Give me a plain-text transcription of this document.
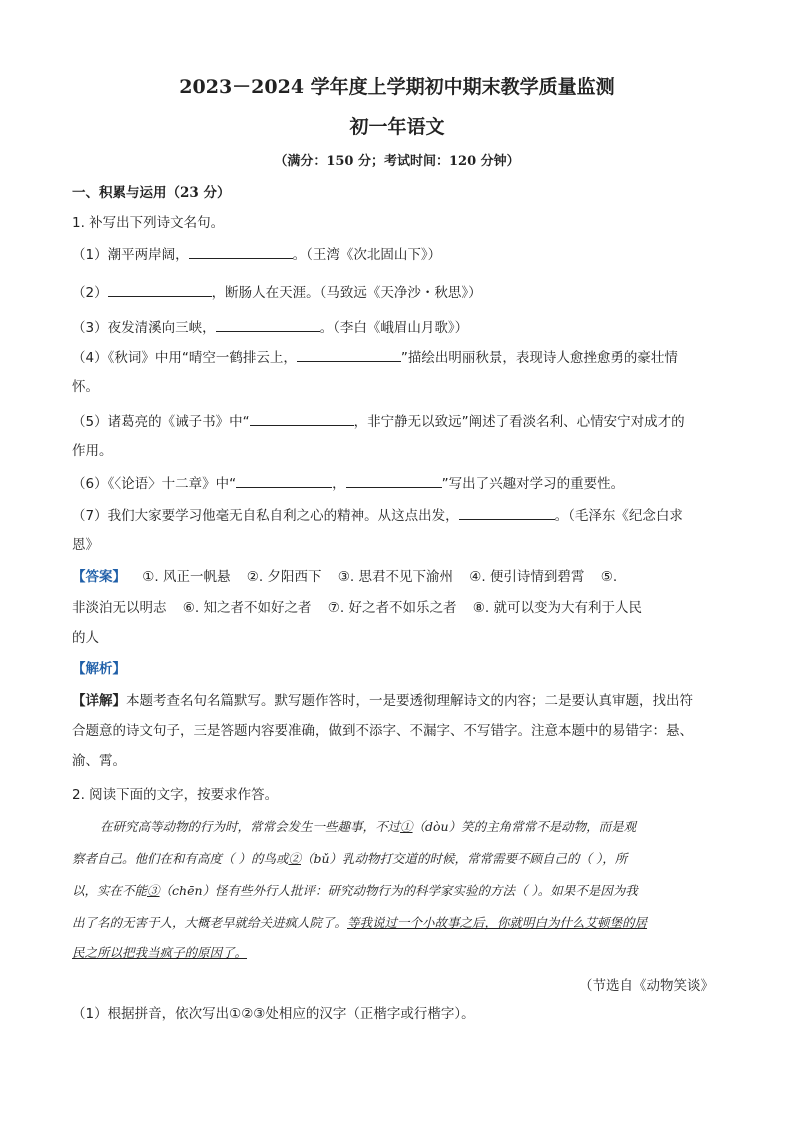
2023－2024 学年度上学期初中期末教学质量监测
初一年语文
（满分：150 分；考试时间：120 分钟）
一、积累与运用（23 分）
1. 补写出下列诗文名句。
（1）潮平两岸阔，	。（王湾《次北固山下》）
（2）	，断肠人在天涯。（马致远《天净沙・秋思》）
（3）夜发清溪向三峡，	。（李白《峨眉山月歌》）
（4）《秋词》中用“晴空一鹤排云上，	”描绘出明丽秋景，表现诗人愈挫愈勇的豪壮情
怀。
（5）诸葛亮的《诫子书》中“	，非宁静无以致远”阐述了看淡名利、心情安宁对成才的
作用。
（6）《〈论语〉十二章》中“	，	”写出了兴趣对学习的重要性。
（7）我们大家要学习他毫无自私自利之心的精神。从这点出发，	。（毛泽东《纪念白求
恩》
【答案】 ①. 风正一帆悬 ②. 夕阳西下 ③. 思君不见下渝州 ④. 便引诗情到碧霄 ⑤.
非淡泊无以明志 ⑥. 知之者不如好之者 ⑦. 好之者不如乐之者 ⑧. 就可以变为大有利于人民
的人
【解析】
【详解】本题考查名句名篇默写。默写题作答时，一是要透彻理解诗文的内容；二是要认真审题，找出符
合题意的诗文句子，三是答题内容要准确，做到不添字、不漏字、不写错字。注意本题中的易错字：悬、
渝、霄。
2. 阅读下面的文字，按要求作答。
在研究高等动物的行为时，常常会发生一些趣事，不过①（dòu）笑的主角常常不是动物，而是观
察者自己。他们在和有高度（ ）的鸟或②（bǔ）乳动物打交道的时候，常常需要不顾自己的（ ），所
以，实在不能③（chēn）怪有些外行人批评：研究动物行为的科学家实验的方法（ ）。如果不是因为我
出了名的无害于人，大概老早就给关进疯人院了。等我说过一个小故事之后，你就明白为什么艾顿堡的居
民之所以把我当疯子的原因了。
（节选自《动物笑谈》
（1）根据拼音，依次写出①②③处相应的汉字（正楷字或行楷字）。
